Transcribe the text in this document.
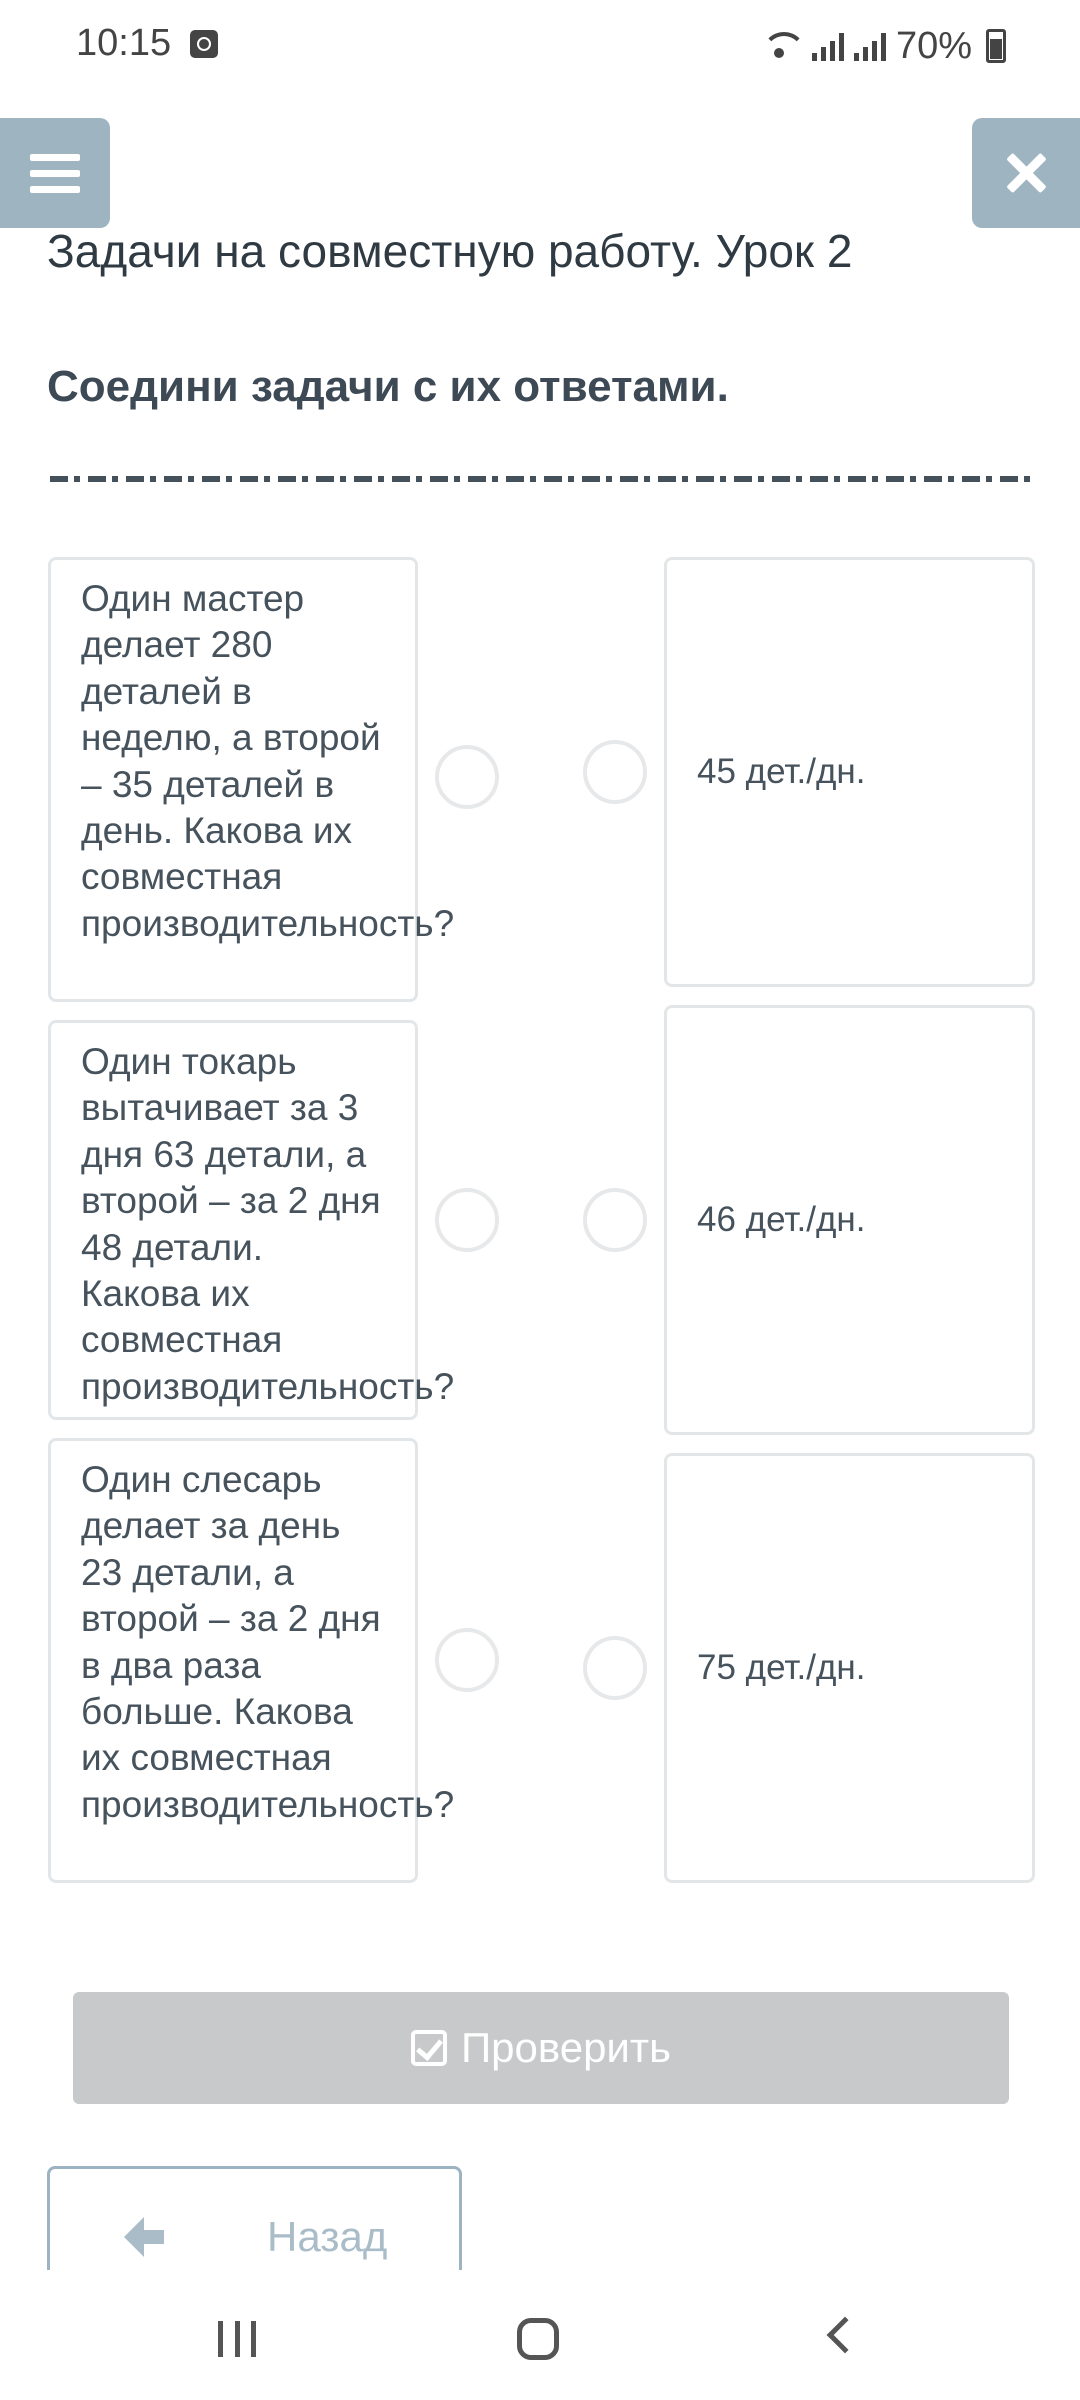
10:15	70%
Задачи на совместную работу. Урок 2
Соедини задачи с их ответами.

Один мастер делает 280 деталей в неделю, а второй – 35 деталей в день. Какова их совместная производительность?

Один токарь вытачивает за 3 дня 63 детали, а второй – за 2 дня 48 детали. Какова их совместная производительность?

Один слесарь делает за день 23 детали, а второй – за 2 дня в два раза больше. Какова их совместная производительность?

45 дет./дн.
46 дет./дн.
75 дет./дн.
Проверить
Назад
